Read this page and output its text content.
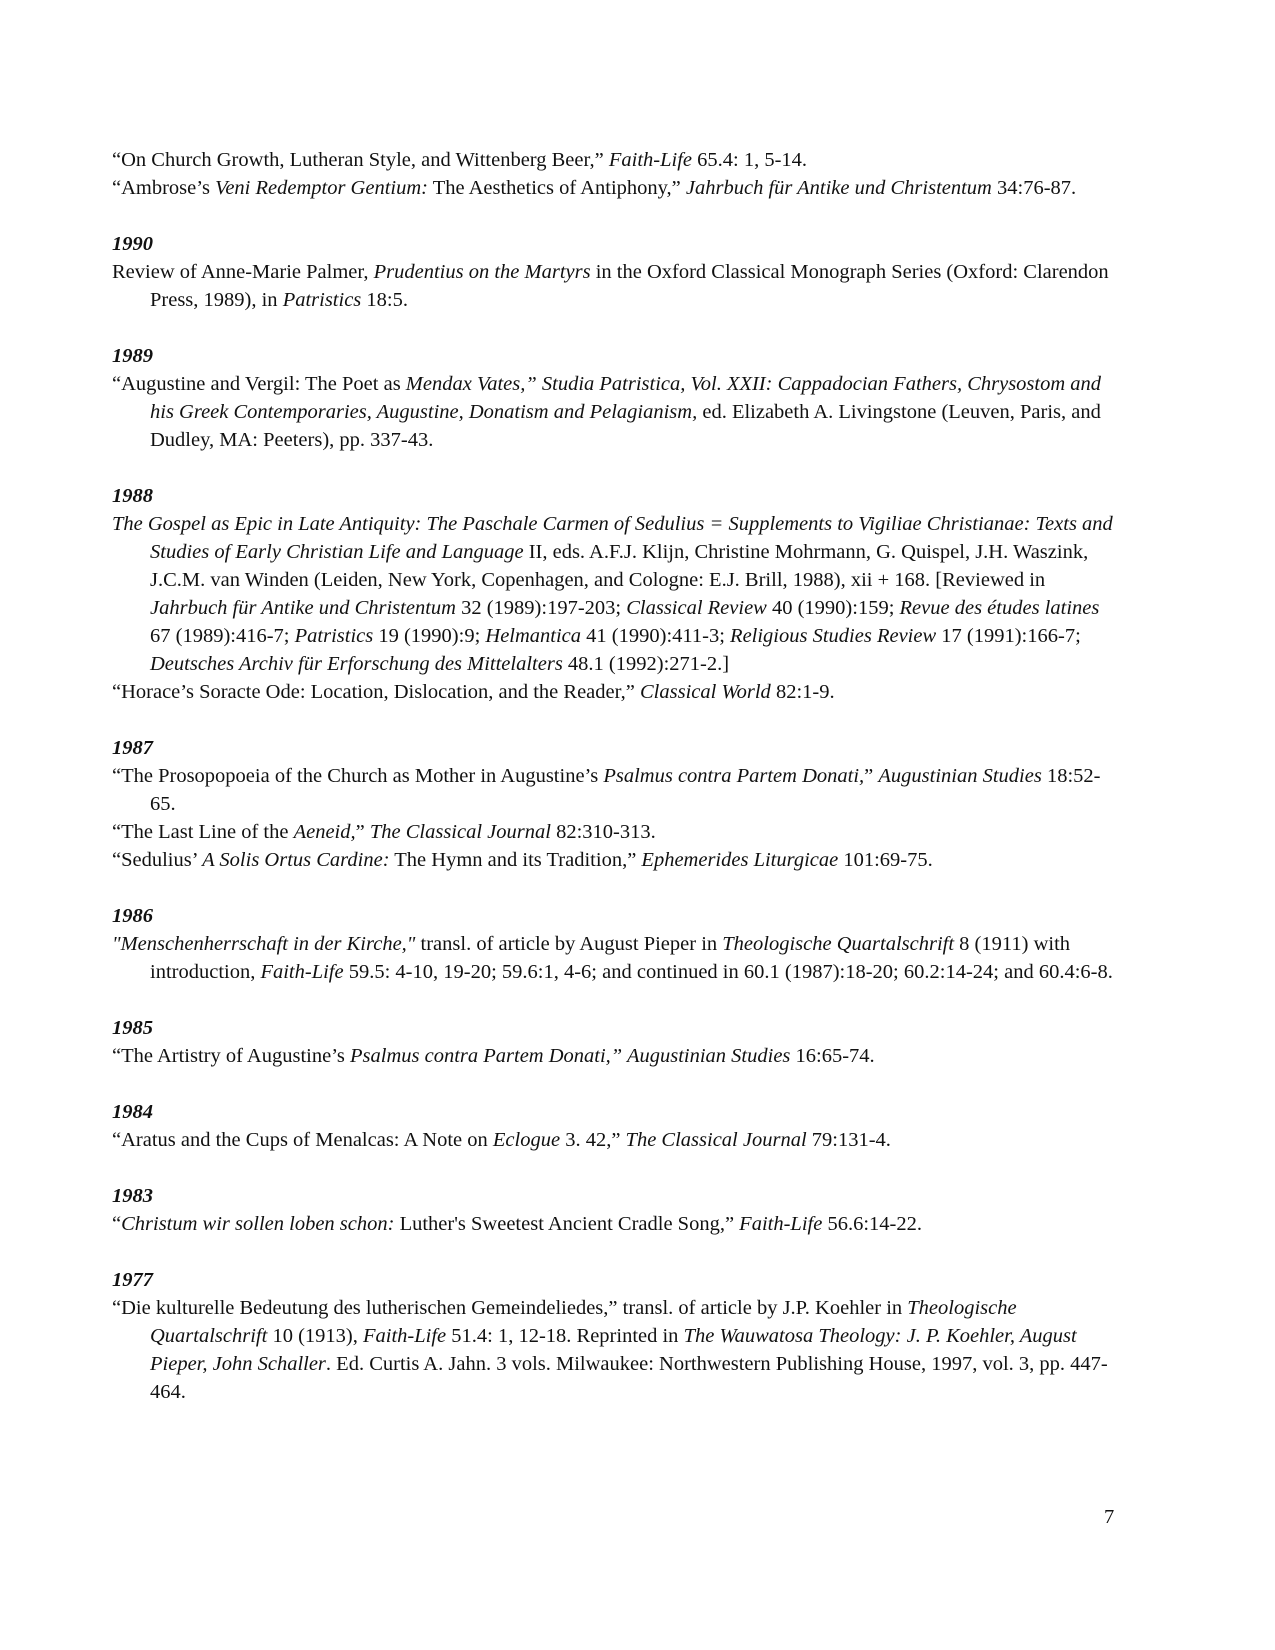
“On Church Growth, Lutheran Style, and Wittenberg Beer,” Faith-Life 65.4: 1, 5-14.

“Ambrose’s Veni Redemptor Gentium: The Aesthetics of Antiphony,” Jahrbuch für Antike und Christentum 34:76-87.

1990

Review of Anne-Marie Palmer, Prudentius on the Martyrs in the Oxford Classical Monograph Series (Oxford: Clarendon Press, 1989), in Patristics 18:5.

1989

“Augustine and Vergil: The Poet as Mendax Vates,” Studia Patristica, Vol. XXII: Cappadocian Fathers, Chrysostom and his Greek Contemporaries, Augustine, Donatism and Pelagianism, ed. Elizabeth A. Livingstone (Leuven, Paris, and Dudley, MA: Peeters), pp. 337-43.

1988

The Gospel as Epic in Late Antiquity: The Paschale Carmen of Sedulius = Supplements to Vigiliae Christianae: Texts and Studies of Early Christian Life and Language II, eds. A.F.J. Klijn, Christine Mohrmann, G. Quispel, J.H. Waszink, J.C.M. van Winden (Leiden, New York, Copenhagen, and Cologne: E.J. Brill, 1988), xii + 168. [Reviewed in Jahrbuch für Antike und Christentum 32 (1989):197-203; Classical Review 40 (1990):159; Revue des études latines 67 (1989):416-7; Patristics 19 (1990):9; Helmantica 41 (1990):411-3; Religious Studies Review 17 (1991):166-7; Deutsches Archiv für Erforschung des Mittelalters 48.1 (1992):271-2.]

“Horace’s Soracte Ode: Location, Dislocation, and the Reader,” Classical World 82:1-9.

1987

“The Prosopopoeia of the Church as Mother in Augustine’s Psalmus contra Partem Donati,” Augustinian Studies 18:52-65.

“The Last Line of the Aeneid,” The Classical Journal 82:310-313.

“Sedulius’ A Solis Ortus Cardine: The Hymn and its Tradition,” Ephemerides Liturgicae 101:69-75.

1986

"Menschenherrschaft in der Kirche," transl. of article by August Pieper in Theologische Quartalschrift 8 (1911) with introduction, Faith-Life 59.5: 4-10, 19-20; 59.6:1, 4-6; and continued in 60.1 (1987):18-20; 60.2:14-24; and 60.4:6-8.

1985

“The Artistry of Augustine’s Psalmus contra Partem Donati,” Augustinian Studies 16:65-74.

1984

“Aratus and the Cups of Menalcas: A Note on Eclogue 3. 42,” The Classical Journal 79:131-4.

1983

“Christum wir sollen loben schon: Luther's Sweetest Ancient Cradle Song,” Faith-Life 56.6:14-22.

1977

“Die kulturelle Bedeutung des lutherischen Gemeindeliedes,” transl. of article by J.P. Koehler in Theologische Quartalschrift 10 (1913), Faith-Life 51.4: 1, 12-18. Reprinted in The Wauwatosa Theology: J. P. Koehler, August Pieper, John Schaller. Ed. Curtis A. Jahn. 3 vols. Milwaukee: Northwestern Publishing House, 1997, vol. 3, pp. 447-464.

7
